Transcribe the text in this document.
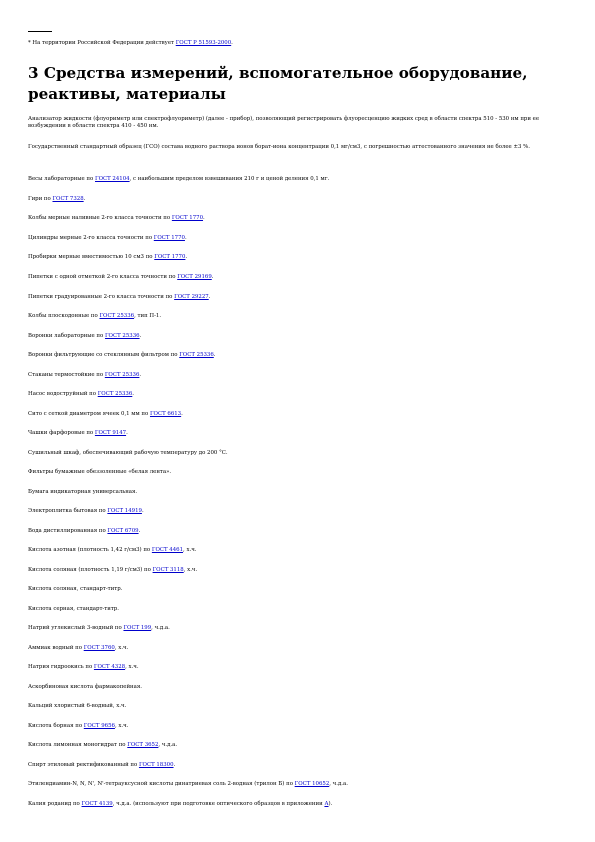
* На территории Российской Федерации действует ГОСТ Р 51593-2000.
3 Средства измерений, вспомогательное оборудование, реактивы, материалы
Анализатор жидкости (флуориметр или спектрофлуориметр) (далее - прибор), позволяющий регистрировать флуоресценцию жидких сред в области спектра 510 - 530 нм при ее возбуждении в области спектра 410 - 450 нм.
Государственный стандартный образец (ГСО) состава водного раствора ионов борат-иона концентрации 0,1 мг/см3, с погрешностью аттестованного значения не более ±3 %.
Весы лабораторные по ГОСТ 24104, с наибольшим пределом взвешивания 210 г и ценой деления 0,1 мг.
Гири по ГОСТ 7328.
Колбы мерные наливные 2-го класса точности по ГОСТ 1770.
Цилиндры мерные 2-го класса точности по ГОСТ 1770.
Пробирки мерные вместимостью 10 см3 по ГОСТ 1770.
Пипетки с одной отметкой 2-го класса точности по ГОСТ 29169.
Пипетки градуированные 2-го класса точности по ГОСТ 29227.
Колбы плоскодонные по ГОСТ 25336, тип П-1.
Воронки лабораторные по ГОСТ 25336.
Воронки фильтрующие со стеклянным фильтром по ГОСТ 25336.
Стаканы термостойкие по ГОСТ 25336.
Насос водоструйный по ГОСТ 25336.
Сито с сеткой диаметром ячеек 0,1 мм по ГОСТ 6613.
Чашки фарфоровые по ГОСТ 9147.
Сушильный шкаф, обеспечивающий рабочую температуру до 200 °С.
Фильтры бумажные обеззоленные «белая лента».
Бумага индикаторная универсальная.
Электроплитка бытовая по ГОСТ 14919.
Вода дистиллированная по ГОСТ 6709.
Кислота азотная (плотность 1,42 г/см3) по ГОСТ 4461, х.ч.
Кислота соляная (плотность 1,19 г/см3) по ГОСТ 3118, х.ч.
Кислота соляная, стандарт-титр.
Кислота серная, стандарт-титр.
Натрий углекислый 3-водный по ГОСТ 199, ч.д.а.
Аммиак водный по ГОСТ 3760, х.ч.
Натрия гидроокись по ГОСТ 4328, х.ч.
Аскорбиновая кислота фармакопейная.
Кальций хлористый 6-водный, х.ч.
Кислота борная по ГОСТ 9656, х.ч.
Кислота лимонная моногидрат по ГОСТ 3652, ч.д.а.
Спирт этиловый ректификованный по ГОСТ 18300.
Этилендиамин-N, N, N', N'-тетрауксусной кислоты динатриевая соль 2-водная (трилон Б) по ГОСТ 10652, ч.д.а.
Калия роданид по ГОСТ 4139, ч.д.а. (используют при подготовке оптического образцов в приложении А).
